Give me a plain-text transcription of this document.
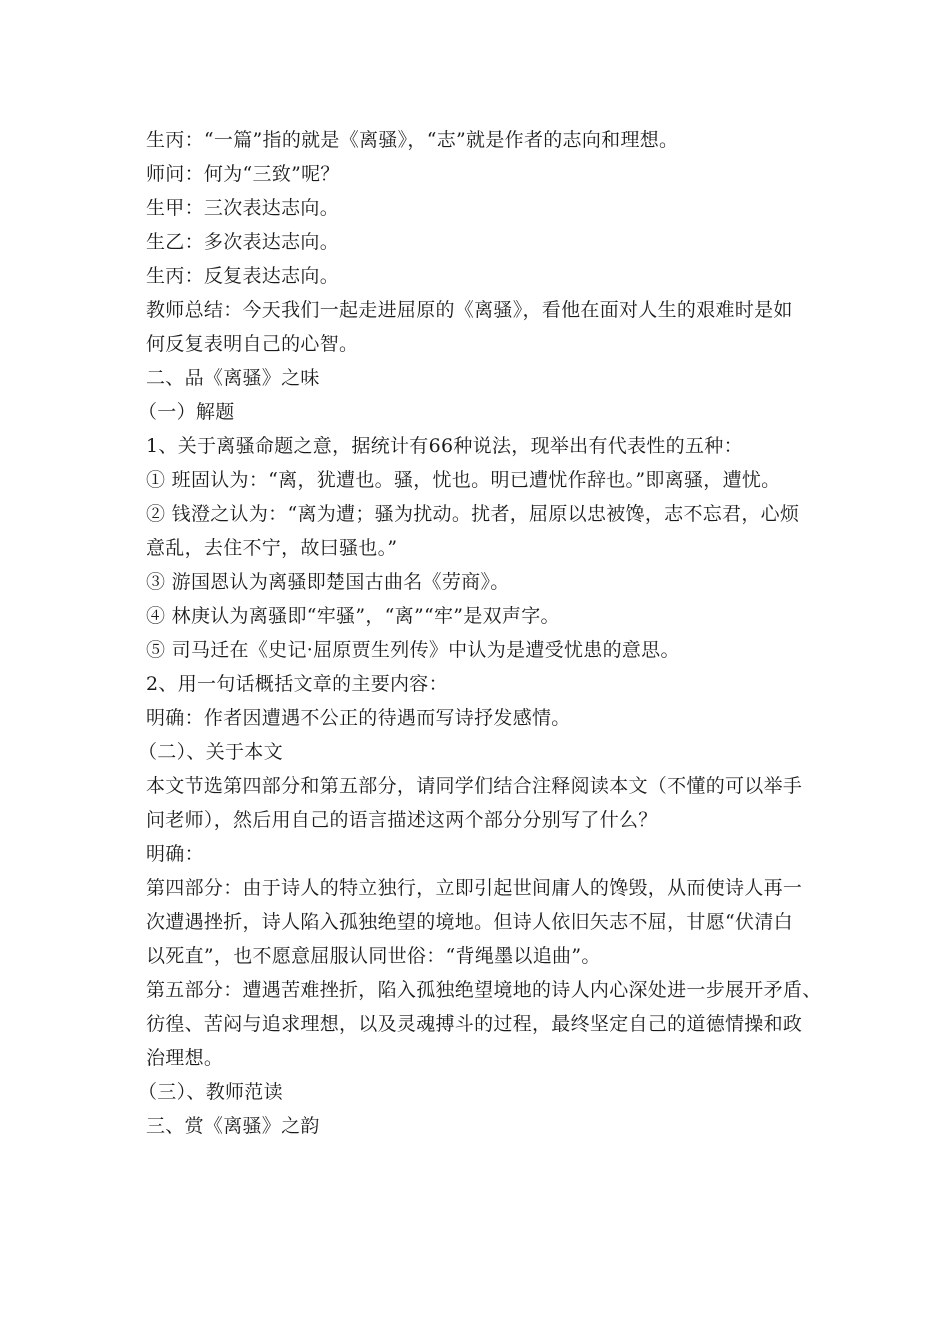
生丙：“一篇”指的就是《离骚》，“志”就是作者的志向和理想。
师问：何为“三致”呢？
生甲：三次表达志向。
生乙：多次表达志向。
生丙：反复表达志向。
教师总结：今天我们一起走进屈原的《离骚》，看他在面对人生的艰难时是如
何反复表明自己的心智。
二、品《离骚》之味
（一）解题
1、关于离骚命题之意，据统计有66种说法，现举出有代表性的五种：
① 班固认为：“离，犹遭也。骚，忧也。明已遭忧作辞也。”即离骚，遭忧。
② 钱澄之认为：“离为遭；骚为扰动。扰者，屈原以忠被馋，志不忘君，心烦
意乱，去住不宁，故曰骚也。”
③ 游国恩认为离骚即楚国古曲名《劳商》。
④ 林庚认为离骚即“牢骚”，“离”“牢”是双声字。
⑤ 司马迁在《史记·屈原贾生列传》中认为是遭受忧患的意思。
2、用一句话概括文章的主要内容：
明确：作者因遭遇不公正的待遇而写诗抒发感情。
（二）、关于本文
本文节选第四部分和第五部分，请同学们结合注释阅读本文（不懂的可以举手
问老师），然后用自己的语言描述这两个部分分别写了什么？
明确：
第四部分：由于诗人的特立独行，立即引起世间庸人的馋毁，从而使诗人再一
次遭遇挫折，诗人陷入孤独绝望的境地。但诗人依旧矢志不屈，甘愿“伏清白
以死直”，也不愿意屈服认同世俗：“背绳墨以追曲”。
第五部分：遭遇苦难挫折，陷入孤独绝望境地的诗人内心深处进一步展开矛盾、
彷徨、苦闷与追求理想，以及灵魂搏斗的过程，最终坚定自己的道德情操和政
治理想。
（三）、教师范读
三、赏《离骚》之韵
